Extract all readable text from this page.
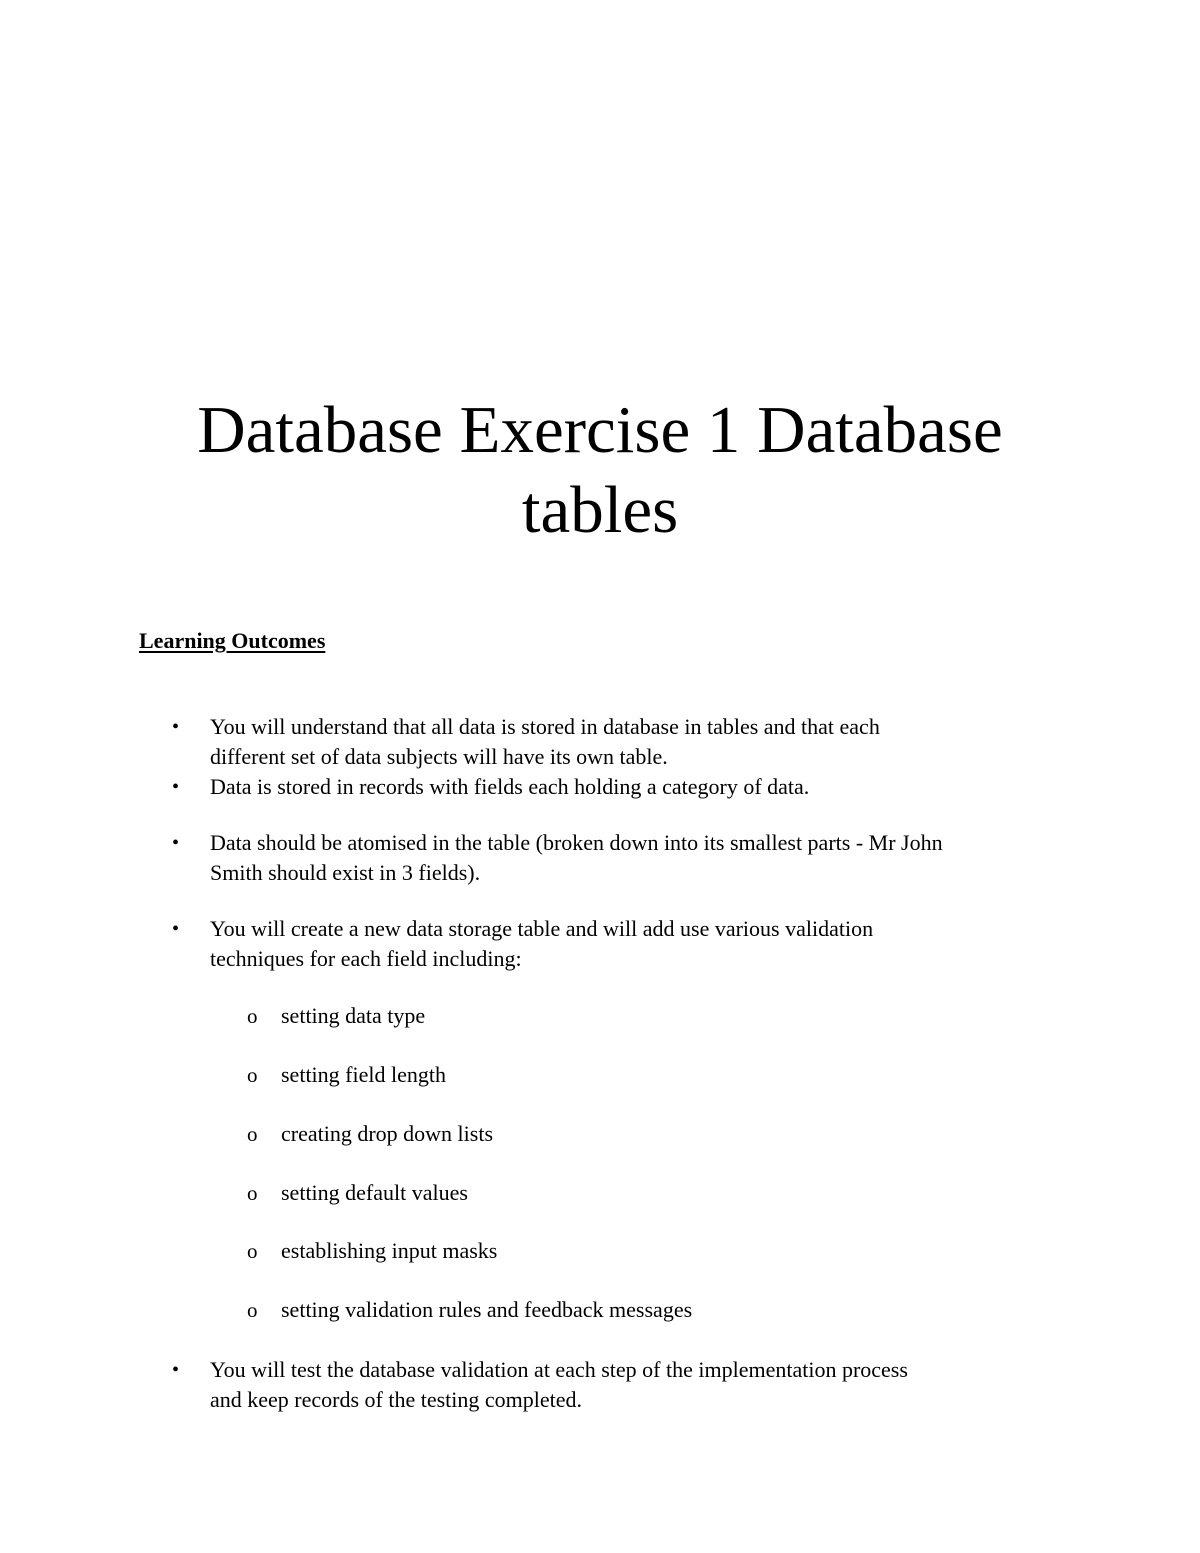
Database Exercise 1 Database
tables
Learning Outcomes
• You will understand that all data is stored in database in tables and that each
different set of data subjects will have its own table.
• Data is stored in records with fields each holding a category of data.
• Data should be atomised in the table (broken down into its smallest parts - Mr John
Smith should exist in 3 fields).
• You will create a new data storage table and will add use various validation
techniques for each field including:
o setting data type
o setting field length
o creating drop down lists
o setting default values
o establishing input masks
o setting validation rules and feedback messages
• You will test the database validation at each step of the implementation process
and keep records of the testing completed.
